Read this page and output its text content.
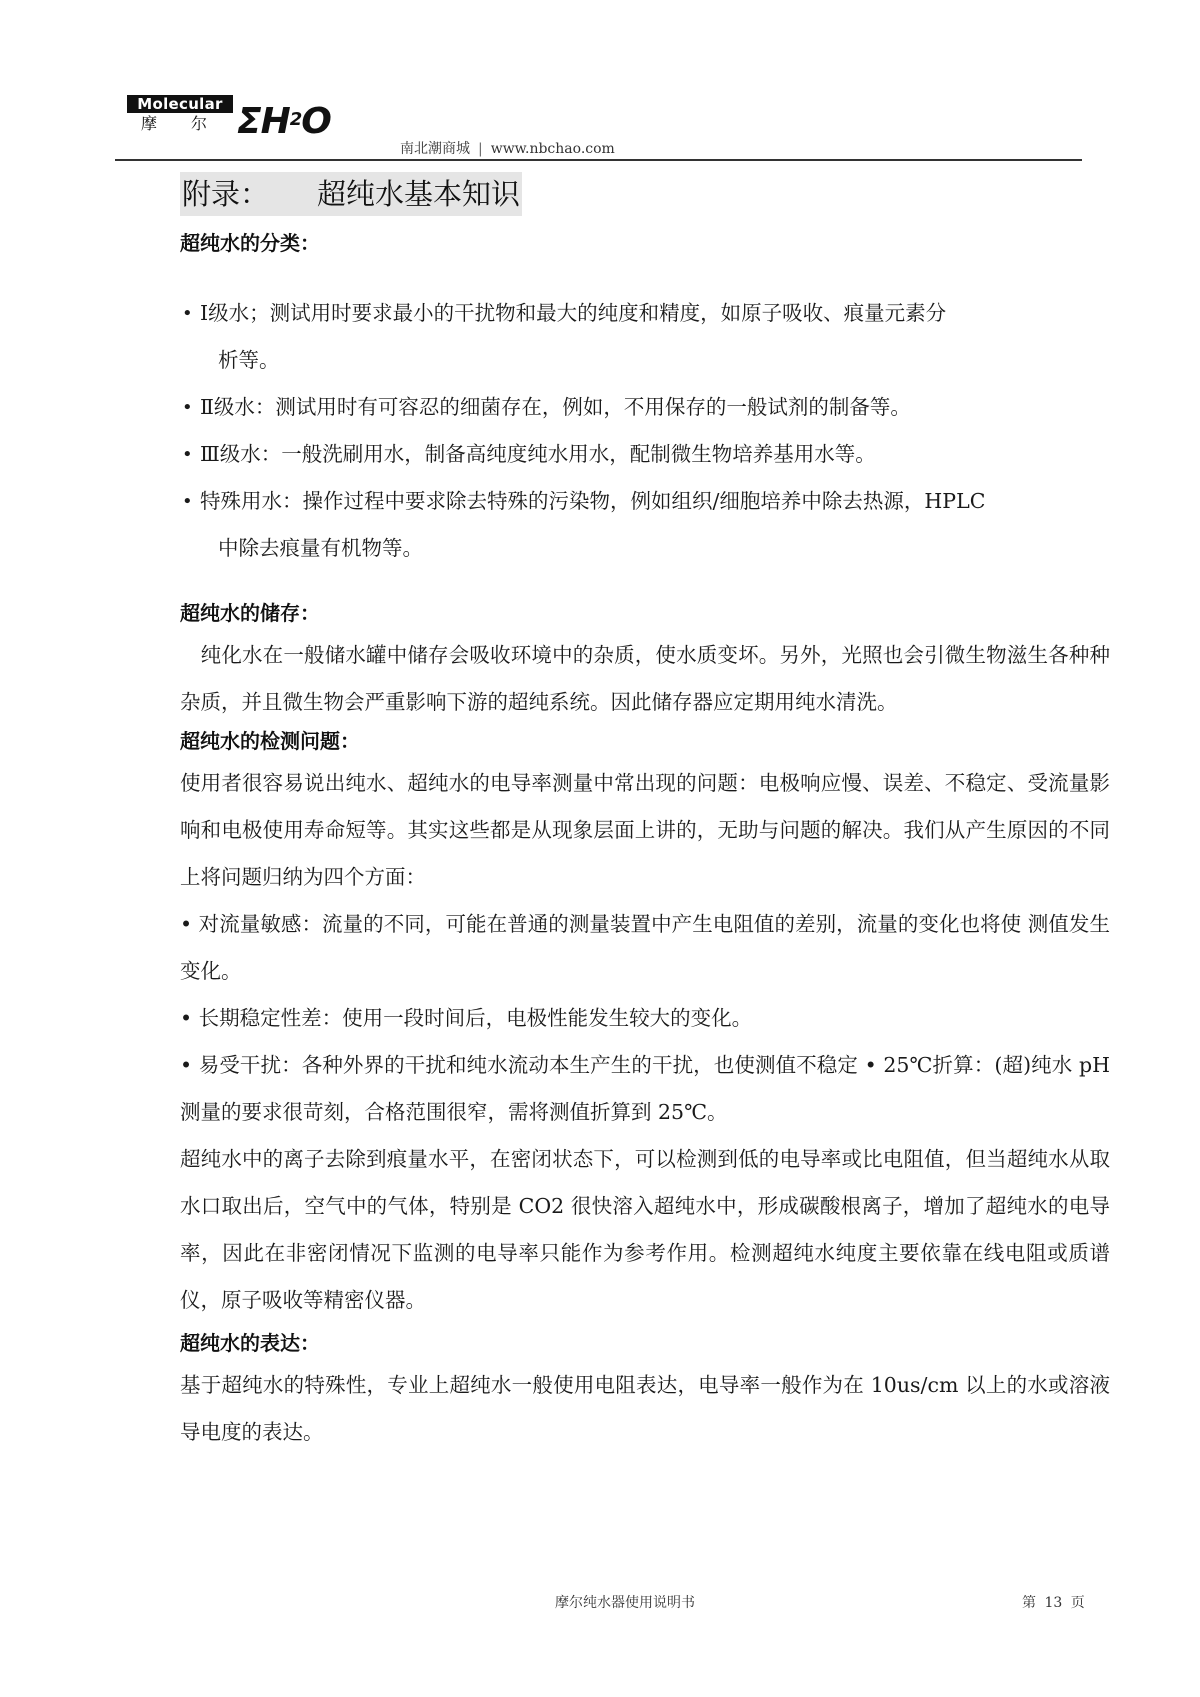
Molecular
摩 尔 $\Sigma H_2O$
南北潮商城 | www.nbchao.com
附录： 超纯水基本知识
超纯水的分类：
• Ⅰ级水；测试用时要求最小的干扰物和最大的纯度和精度，如原子吸收、痕量元素分
析等。
• Ⅱ级水：测试用时有可容忍的细菌存在，例如，不用保存的一般试剂的制备等。
• Ⅲ级水：一般洗刷用水，制备高纯度纯水用水，配制微生物培养基用水等。
• 特殊用水：操作过程中要求除去特殊的污染物，例如组织/细胞培养中除去热源，HPLC
中除去痕量有机物等。
超纯水的储存：

　纯化水在一般储水罐中储存会吸收环境中的杂质，使水质变坏。另外，光照也会引微生物滋生各种种杂质，并且微生物会严重影响下游的超纯系统。因此储存器应定期用纯水清洗。

超纯水的检测问题：

使用者很容易说出纯水、超纯水的电导率测量中常出现的问题：电极响应慢、误差、不稳定、受流量影响和电极使用寿命短等。其实这些都是从现象层面上讲的，无助与问题的解决。我们从产生原因的不同上将问题归纳为四个方面：

• 对流量敏感：流量的不同，可能在普通的测量装置中产生电阻值的差别，流量的变化也将使 测值发生变化。

• 长期稳定性差：使用一段时间后，电极性能发生较大的变化。

• 易受干扰：各种外界的干扰和纯水流动本生产生的干扰，也使测值不稳定 • 25℃折算：(超)纯水 pH 测量的要求很苛刻，合格范围很窄，需将测值折算到 25℃。

超纯水中的离子去除到痕量水平，在密闭状态下，可以检测到低的电导率或比电阻值，但当超纯水从取水口取出后，空气中的气体，特别是 CO2 很快溶入超纯水中，形成碳酸根离子，增加了超纯水的电导率，因此在非密闭情况下监测的电导率只能作为参考作用。检测超纯水纯度主要依靠在线电阻或质谱仪，原子吸收等精密仪器。

超纯水的表达：

基于超纯水的特殊性，专业上超纯水一般使用电阻表达，电导率一般作为在 10us/cm 以上的水或溶液导电度的表达。

摩尔纯水器使用说明书	第 13 页
